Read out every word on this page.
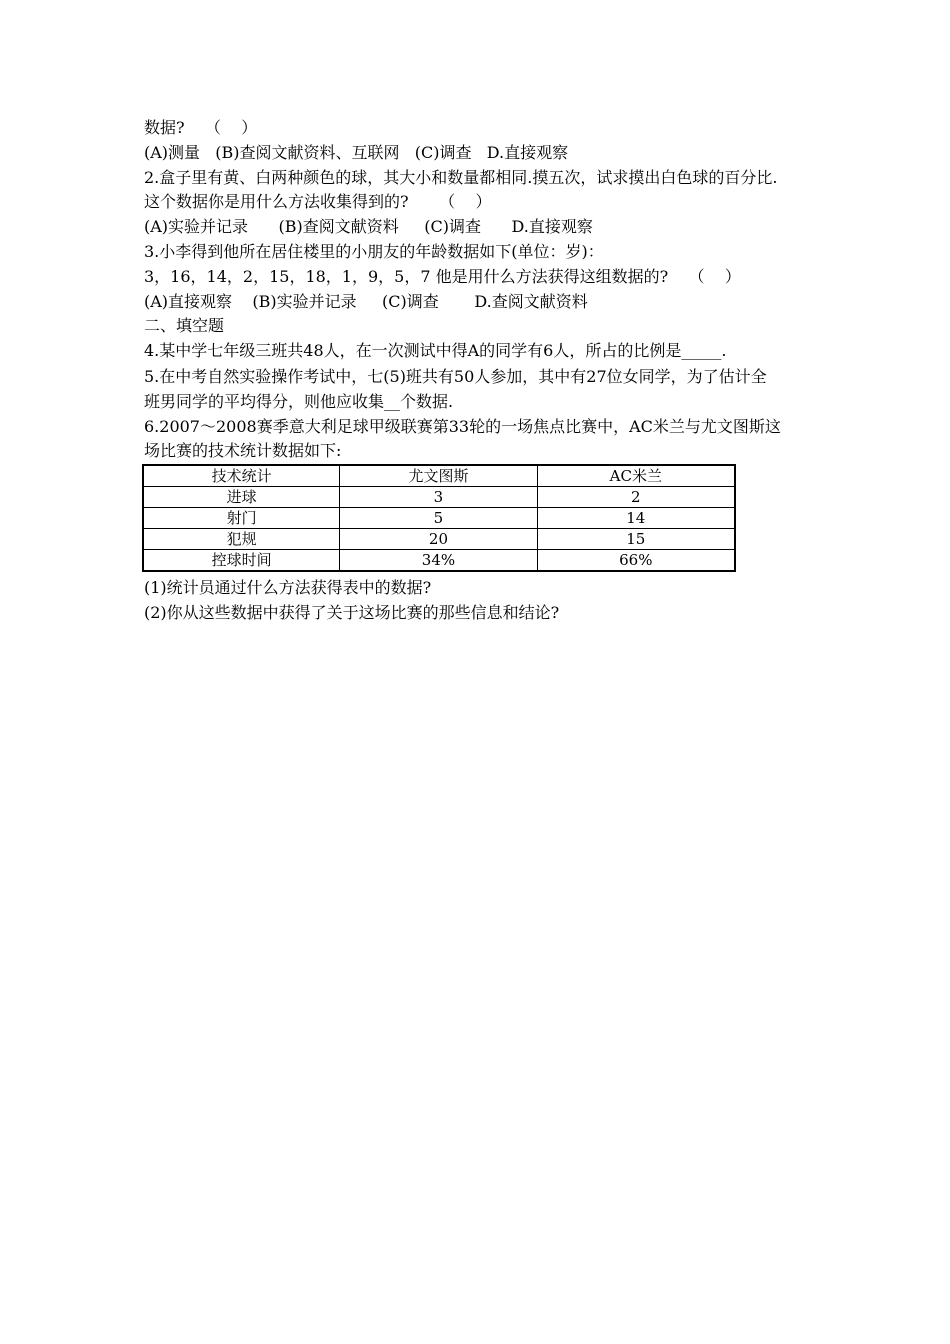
数据?    （    ）
(A)测量   (B)查阅文献资料、互联网   (C)调查   D.直接观察
2.盒子里有黄、白两种颜色的球，其大小和数量都相同.摸五次，试求摸出白色球的百分比.
这个数据你是用什么方法收集得到的?      （    ）
(A)实验并记录      (B)查阅文献资料     (C)调查      D.直接观察
3.小李得到他所在居住楼里的小朋友的年龄数据如下(单位：岁)：
3，16，14，2，15，18，1，9，5，7 他是用什么方法获得这组数据的?    （    ）
(A)直接观察    (B)实验并记录     (C)调查       D.查阅文献资料
二、填空题
4.某中学七年级三班共48人，在一次测试中得A的同学有6人，所占的比例是_____.
5.在中考自然实验操作考试中，七(5)班共有50人参加，其中有27位女同学，为了估计全
班男同学的平均得分，则他应收集__个数据.
6.2007～2008赛季意大利足球甲级联赛第33轮的一场焦点比赛中，AC米兰与尤文图斯这
场比赛的技术统计数据如下:
技术统计	尤文图斯	AC米兰
进球	3	2
射门	5	14
犯规	20	15
控球时间	34%	66%
(1)统计员通过什么方法获得表中的数据?
(2)你从这些数据中获得了关于这场比赛的那些信息和结论?
